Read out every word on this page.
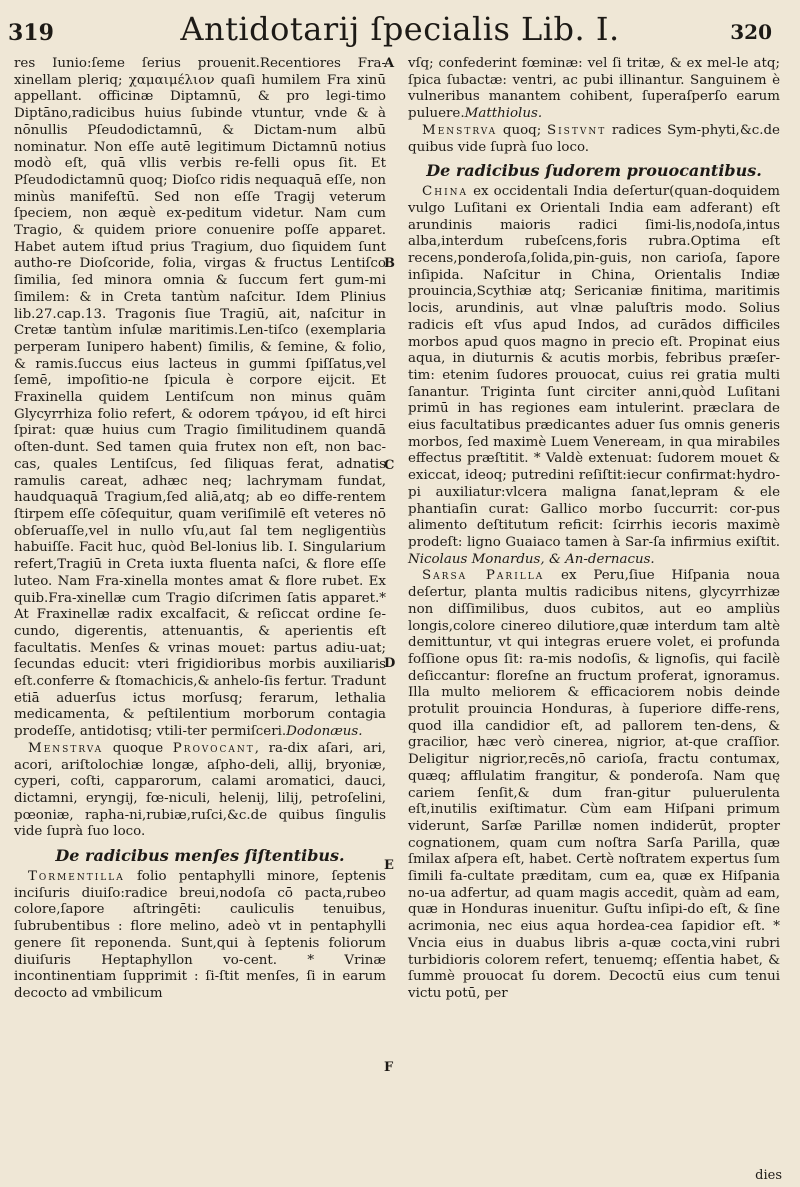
319	Antidotarij ſpecialis Lib. I.	320

res Iunio:ſeme ſerius prouenit.Recentiores Fra-xinellam pleriq; χαμαιμέλιον quaſi humilem Fra xinū appellant. officinæ Diptamnū, & pro legi-timo Diptāno,radicibus huius ſubinde vtuntur, vnde & à nōnullis Pſeudodictamnū, & Dictam-num albū nominatur. Non eſſe autē legitimum Dictamnū notius modò eſt, quā vllis verbis re-felli opus ſit. Et Pſeudodictamnū quoq; Dioſco ridis nequaquā eſſe, non minùs manifeſtū. Sed non eſſe Tragij veterum ſpeciem, non æquè ex-peditum videtur. Nam cum Tragio, & quidem priore conuenire poſſe apparet. Habet autem iſtud prius Tragium, duo ſiquidem ſunt autho-re Dioſcoride, folia, virgas & fructus Lentiſco ſimilia, ſed minora omnia & ſuccum fert gum-mi ſimilem: & in Creta tantùm naſcitur. Idem Plinius lib.27.cap.13. Tragonis ſiue Tragiū, ait, naſcitur in Cretæ tantùm inſulæ maritimis.Len-tiſco (exemplaria perperam Iunipero habent) ſimilis, & ſemine, & folio, & ramis.ſuccus eius lacteus in gummi ſpiſſatus,vel ſemē, impoſitio-ne ſpicula è corpore eijcit. Et Fraxinella quidem Lentiſcum non minus quām Glycyrrhiza folio refert, & odorem τράγου, id eſt hirci ſpirat: quæ huius cum Tragio ſimilitudinem quandā oſten-dunt. Sed tamen quia frutex non eſt, non bac-cas, quales Lentiſcus, ſed ſiliquas ferat, adnatis ramulis careat, adhæc neq; lachrymam fundat, haudquaquā Tragium,ſed aliā,atq; ab eo diffe-rentem ſtirpem eſſe cōſequitur, quam veriſimilē eſt veteres nō obſeruaſſe,vel in nullo vſu,aut ſal tem negligentiùs habuiſſe. Facit huc, quòd Bel-lonius lib. I. Singularium refert,Tragiū in Creta iuxta fluenta naſci, & flore eſſe luteo. Nam Fra-xinella montes amat & flore rubet. Ex quib.Fra-xinellæ cum Tragio diſcrimen ſatis apparet.* At Fraxinellæ radix excalfacit, & reſiccat ordine ſe-cundo, digerentis, attenuantis, & aperientis eſt facultatis. Menſes & vrinas mouet: partus adiu-uat; ſecundas educit: vteri frigidioribus morbis auxiliaris eſt.conferre & ſtomachicis,& anhelo-ſis fertur. Tradunt etiā aduerſus ictus morſusq; ferarum, lethalia medicamenta, & peſtilentium morborum contagia prodeſſe, antidotisq; vtili-ter permiſceri.Dodonæus.

Menstrva quoque Provocant, ra-dix aſari, ari, acori, ariſtolochiæ longæ, aſpho-deli, allij, bryoniæ, cyperi, coſti, capparorum, calami aromatici, dauci, dictamni, eryngij, fœ-niculi, helenij, lilij, petroſelini, pœoniæ, rapha-ni,rubiæ,ruſci,&c.de quibus ſingulis vide ſuprà ſuo loco.

De radicibus menſes ſiſtentibus.

Tormentilla folio pentaphylli minore, ſeptenis inciſuris diuiſo:radice breui,nodoſa cō pacta,rubeo colore,ſapore aſtringēti: cauliculis tenuibus, ſubrubentibus : flore melino, adeò vt in pentaphylli genere ſit reponenda. Sunt,qui à ſeptenis foliorum diuiſuris Heptaphyllon vo-cent. * Vrinæ incontinentiam ſupprimit : ſi-ſtit menſes, ſi in earum decocto ad vmbilicum

A
B
C
D
E
F

vſq; confederint fœminæ: vel ſi tritæ, & ex mel-le atq; ſpica ſubactæ: ventri, ac pubi illinantur. Sanguinem è vulneribus manantem cohibent, ſuperaſperſo earum puluere.Matthiolus.

Menstrva quoq; Sistvnt radices Sym-phyti,&c.de quibus vide ſuprà ſuo loco.

De radicibus ſudorem prouocantibus.

China ex occidentali India deſertur(quan-doquidem vulgo Luſitani ex Orientali India eam adferant) eſt arundinis maioris radici ſimi-lis,nodoſa,intus alba,interdum rubeſcens,foris rubra.Optima eſt recens,ponderoſa,ſolida,pin-guis, non carioſa, ſapore inſipida. Naſcitur in China, Orientalis Indiæ prouincia,Scythiæ atq; Sericaniæ finitima, maritimis locis, arundinis, aut vlnæ paluſtris modo. Solius radicis eſt vſus apud Indos, ad curādos difficiles morbos apud quos magno in precio eſt. Propinat eius aqua, in diuturnis & acutis morbis, febribus præſer-tim: etenim ſudores prouocat, cuius rei gratia multi ſanantur. Triginta ſunt circiter anni,quòd Luſitani primū in has regiones eam intulerint. præclara de eius facultatibus prædicantes aduer ſus omnis generis morbos, ſed maximè Luem Veneream, in qua mirabiles effectus præſtitit. * Valdè extenuat: ſudorem mouet & exiccat, ideoq; putredini reſiſtit:iecur confirmat:hydro-pi auxiliatur:vlcera maligna ſanat,lepram & ele phantiaſin curat: Gallico morbo ſuccurrit: cor-pus alimento deſtitutum reficit: ſcirrhis iecoris maximè prodeſt: ligno Guaiaco tamen à Sar-ſa infirmius exiſtit. Nicolaus Monardus, & An-dernacus.

Sarsa Parilla ex Peru,ſiue Hiſpania noua deſertur, planta multis radicibus nitens, glycyrrhizæ non diſſimilibus, duos cubitos, aut eo ampliùs longis,colore cinereo dilutiore,quæ interdum tam altè demittuntur, vt qui integras eruere volet, ei profunda foſſione opus ſit: ra-mis nodoſis, & lignoſis, qui facilè deſiccantur: floreſne an fructum proferat, ignoramus. Illa multo meliorem & efficaciorem nobis deinde protulit prouincia Honduras, à ſuperiore diffe-rens, quod illa candidior eſt, ad pallorem ten-dens, & gracilior, hæc verò cinerea, nigrior, at-que craſſior. Deligitur nigrior,recēs,nō carioſa, fractu contumax, quæq; afflulatim frangitur, & ponderoſa. Nam quę cariem ſenſit,& dum fran-gitur puluerulenta eſt,inutilis exiſtimatur. Cùm eam Hiſpani primum viderunt, Sarſæ Parillæ nomen indiderūt, propter cognationem, quam cum noſtra Sarſa Parilla, quæ ſmilax aſpera eſt, habet. Certè noſtratem expertus ſum ſimili fa-cultate præditam, cum ea, quæ ex Hiſpania no-ua adfertur, ad quam magis accedit, quàm ad eam, quæ in Honduras inuenitur. Guſtu inſipi-do eſt, & ſine acrimonia, nec eius aqua hordea-cea ſapidior eſt. * Vncia eius in duabus libris a-quæ cocta,vini rubri turbidioris colorem refert, tenuemq; eſſentia habet, & ſummè prouocat ſu dorem. Decoctū eius cum tenui victu potū, per

dies
